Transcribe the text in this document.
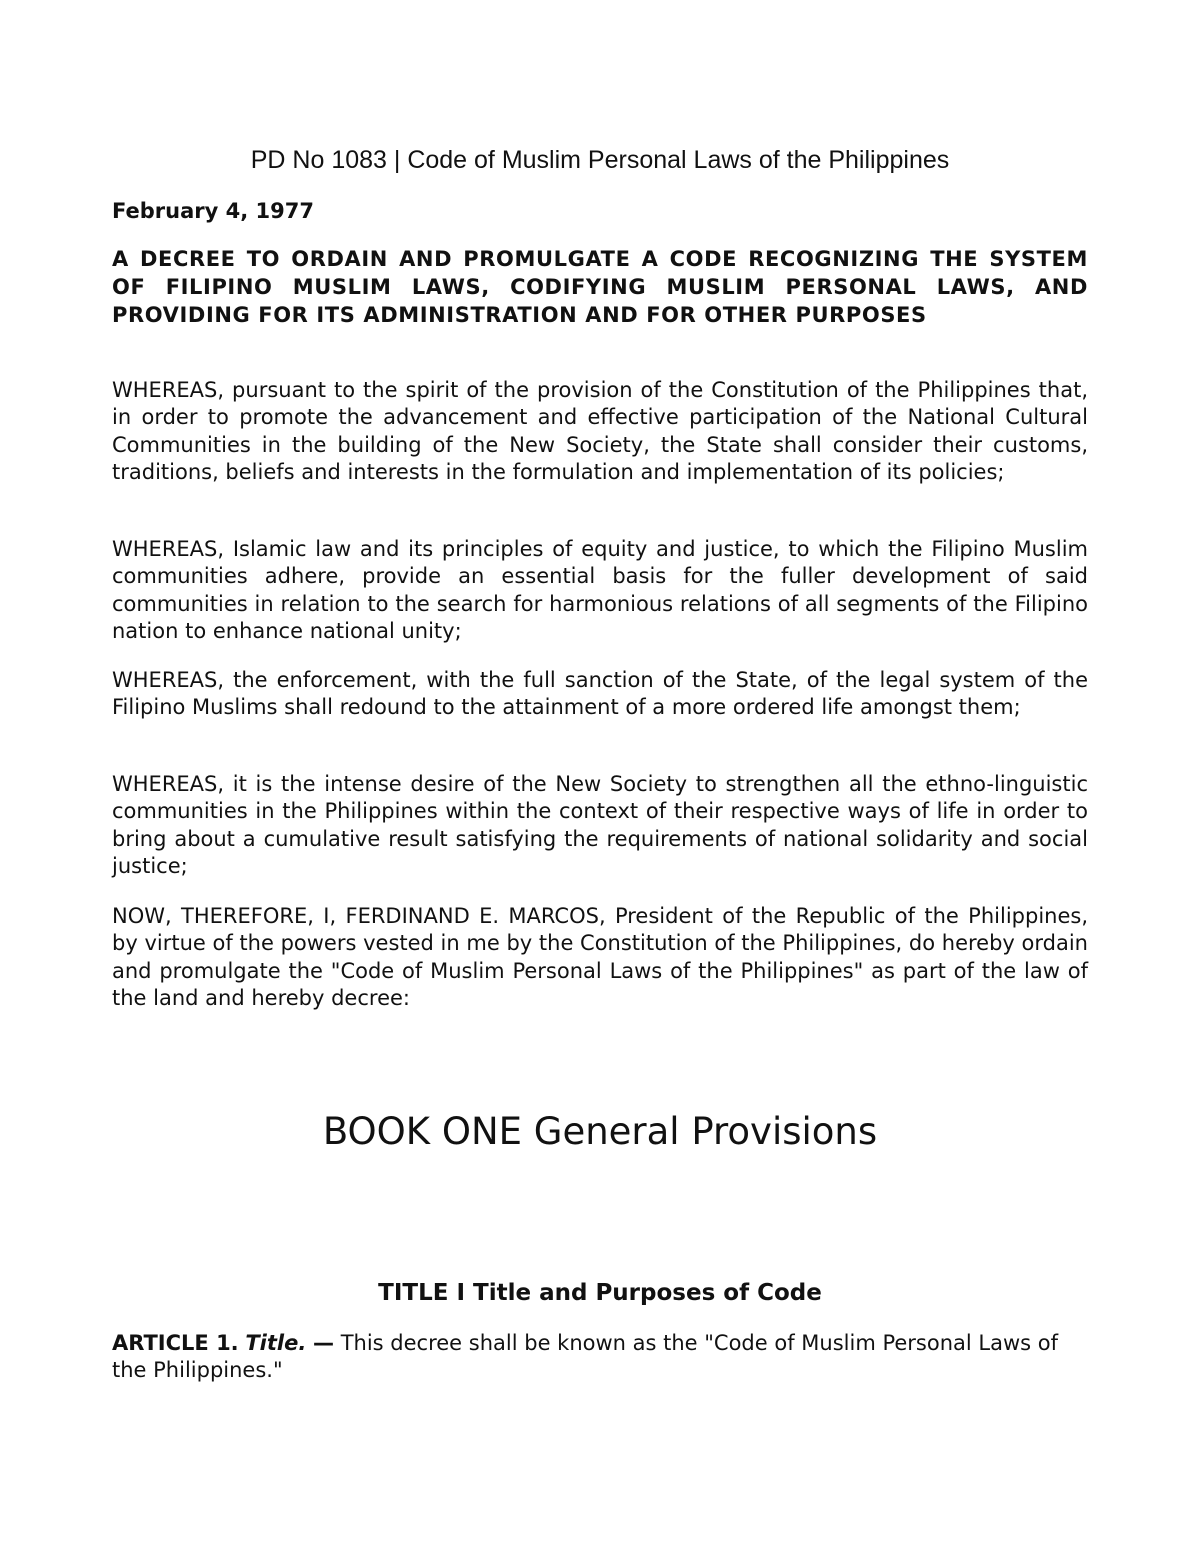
PD No 1083 | Code of Muslim Personal Laws of the Philippines
February 4, 1977

A DECREE TO ORDAIN AND PROMULGATE A CODE RECOGNIZING THE SYSTEM OF FILIPINO MUSLIM LAWS, CODIFYING MUSLIM PERSONAL LAWS, AND PROVIDING FOR ITS ADMINISTRATION AND FOR OTHER PURPOSES

WHEREAS, pursuant to the spirit of the provision of the Constitution of the Philippines that, in order to promote the advancement and effective participation of the National Cultural Communities in the building of the New Society, the State shall consider their customs, traditions, beliefs and interests in the formulation and implementation of its policies;

WHEREAS, Islamic law and its principles of equity and justice, to which the Filipino Muslim communities adhere, provide an essential basis for the fuller development of said communities in relation to the search for harmonious relations of all segments of the Filipino nation to enhance national unity;

WHEREAS, the enforcement, with the full sanction of the State, of the legal system of the Filipino Muslims shall redound to the attainment of a more ordered life amongst them;

WHEREAS, it is the intense desire of the New Society to strengthen all the ethno-linguistic communities in the Philippines within the context of their respective ways of life in order to bring about a cumulative result satisfying the requirements of national solidarity and social justice;

NOW, THEREFORE, I, FERDINAND E. MARCOS, President of the Republic of the Philippines, by virtue of the powers vested in me by the Constitution of the Philippines, do hereby ordain and promulgate the "Code of Muslim Personal Laws of the Philippines" as part of the law of the land and hereby decree:

BOOK ONE General Provisions
TITLE I Title and Purposes of Code

ARTICLE 1. Title. — This decree shall be known as the "Code of Muslim Personal Laws of the Philippines."
